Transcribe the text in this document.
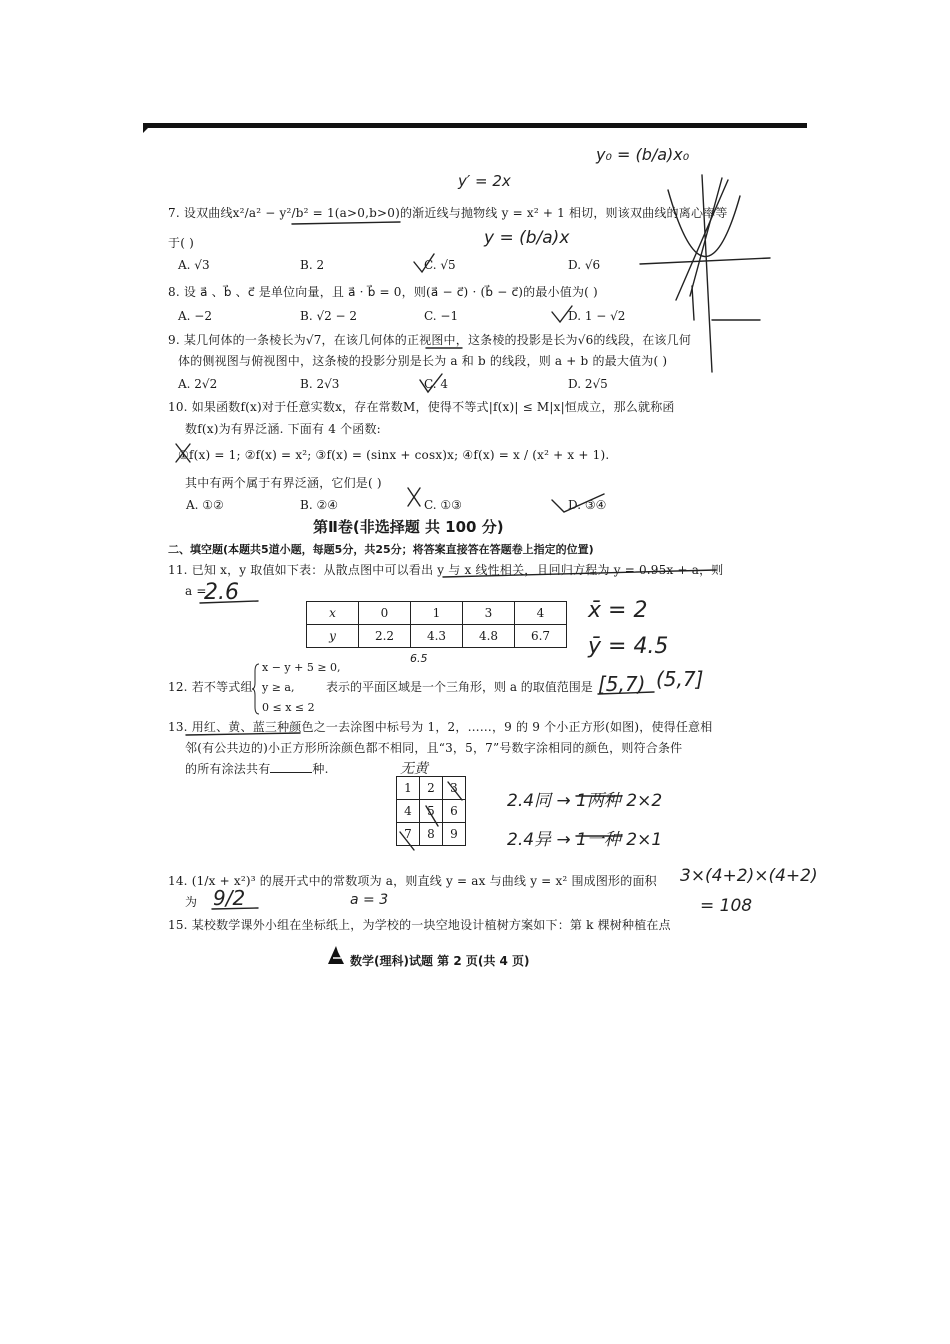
7. 设双曲线x²/a² − y²/b² = 1(a>0,b>0)的渐近线与抛物线 y = x² + 1 相切，则该双曲线的离心率等
于( )
A. √3	B. 2	C. √5	D. √6
8. 设 a⃗ 、b⃗ 、c⃗ 是单位向量，且 a⃗ · b⃗ = 0，则(a⃗ − c⃗) · (b⃗ − c⃗)的最小值为( )
A. −2	B. √2 − 2	C. −1	D. 1 − √2
9. 某几何体的一条棱长为√7，在该几何体的正视图中，这条棱的投影是长为√6的线段，在该几何
体的侧视图与俯视图中，这条棱的投影分别是长为 a 和 b 的线段，则 a + b 的最大值为( )
A. 2√2	B. 2√3	C. 4	D. 2√5
10. 如果函数f(x)对于任意实数x，存在常数M，使得不等式|f(x)| ≤ M|x|恒成立，那么就称函
数f(x)为有界泛涵. 下面有 4 个函数:
①f(x) = 1; ②f(x) = x²; ③f(x) = (sinx + cosx)x; ④f(x) = x / (x² + x + 1).
其中有两个属于有界泛涵，它们是( )
A. ①②	B. ②④	C. ①③	D. ③④
第Ⅱ卷(非选择题 共 100 分)
二、填空题(本题共5道小题，每题5分，共25分；将答案直接答在答题卷上指定的位置)
11. 已知 x，y 取值如下表：从散点图中可以看出 y 与 x 线性相关，且回归方程为 y = 0.95x + a，则
a =
x	0	1	3	4
y	2.2	4.3	4.8	6.7
12. 若不等式组
x − y + 5 ≥ 0,
y ≥ a,
0 ≤ x ≤ 2
表示的平面区域是一个三角形，则 a 的取值范围是
13. 用红、黄、蓝三种颜色之一去涂图中标号为 1，2，……，9 的 9 个小正方形(如图)，使得任意相
邻(有公共边的)小正方形所涂颜色都不相同，且“3，5，7”号数字涂相同的颜色，则符合条件
的所有涂法共有	种.
1	2	3
4	5	6
7	8	9
14. (1/x + x²)³ 的展开式中的常数项为 a，则直线 y = ax 与曲线 y = x² 围成图形的面积
为
15. 某校数学课外小组在坐标纸上，为学校的一块空地设计植树方案如下：第 k 棵树种植在点
数学(理科)试题 第 2 页(共 4 页)
y₀ = (b/a)x₀
y′ = 2x
y = (b/a)x
2.6
x̄ = 2
ȳ = 4.5
6.5
[5,7) (5,7]
无黄
2.4同 → 1两种 2×2
2.4异 → 1一种 2×1
9/2	a = 3
3×(4+2)×(4+2)
= 108
